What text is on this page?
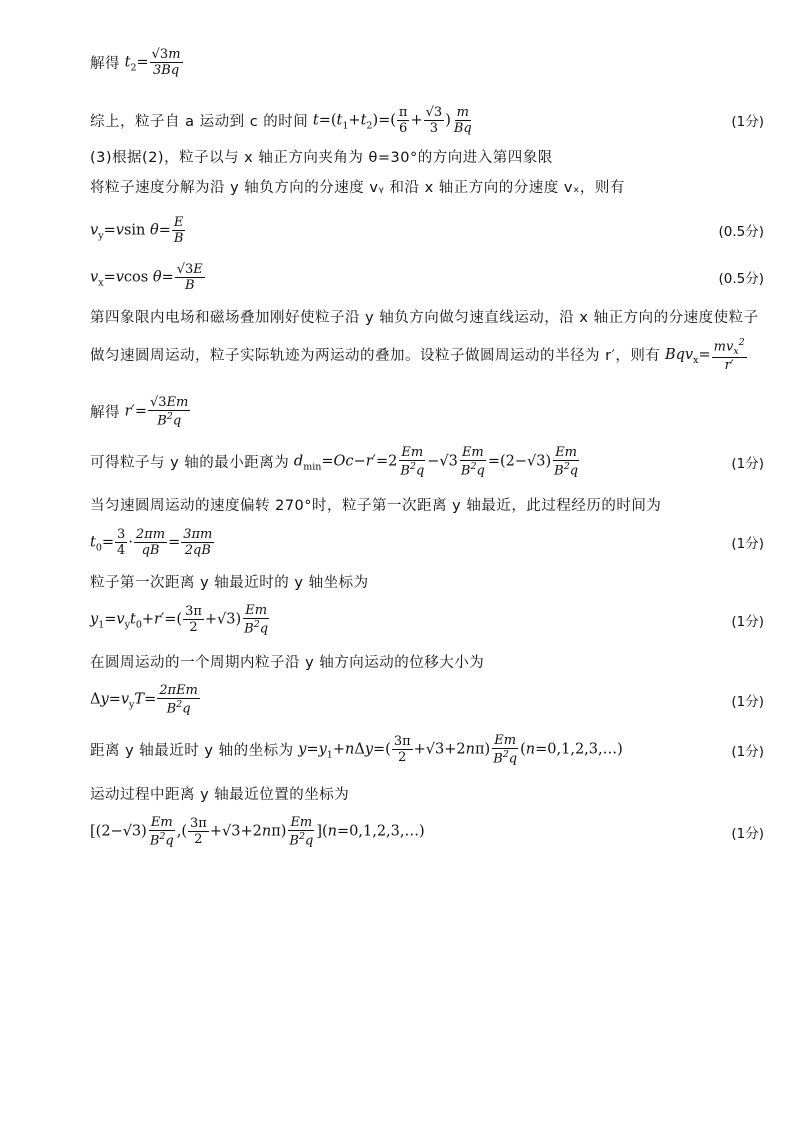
解得
$t_2= \frac{√3m}{3Bq}$
综上，粒子自 a 运动到 c 的时间
$t=(t_1+t_2)=( \frac{\pi}{6} + \frac{√3}{3}$ ) $\frac{m}{Bq}$	(1分)
(3)根据(2)，粒子以与 x 轴正方向夹角为 θ=30°的方向进入第四象限
将粒子速度分解为沿 y 轴负方向的分速度 vᵧ 和沿 x 轴正方向的分速度 vₓ，则有
$v_y=vsin$ $\theta= \frac{E}{B}$	(0.5分)
$v_x=vcos$ $\theta= \frac{√3E}{B}$	(0.5分)
第四象限内电场和磁场叠加刚好使粒子沿 y 轴负方向做匀速直线运动，沿 x 轴正方向的分速度使粒子
做匀速圆周运动，粒子实际轨迹为两运动的叠加。设粒子做圆周运动的半径为 r′，则有
$Bqv_x= \frac{mv_x^2}{r'}$
解得
$r'= \frac{√3Em}{B^2q}$
可得粒子与 y 轴的最小距离为
$d_{min}=Oc-r'=2 \frac{Em}{B^2q} -√3 \frac{Em}{B^2q} =(2-√3) \frac{Em}{B^2q}$	(1分)
当匀速圆周运动的速度偏转 270°时，粒子第一次距离 y 轴最近，此过程经历的时间为
$t_0= \frac{3}{4} \cdot \frac{2\pi m}{qB} = \frac{3\pi m}{2qB}$	(1分)
粒子第一次距离 y 轴最近时的 y 轴坐标为
$y_1=v_yt_0+r'=( \frac{3\pi}{2} +√3) \frac{Em}{B^2q}$	(1分)
在圆周运动的一个周期内粒子沿 y 轴方向运动的位移大小为
$\Delta y=v_yT= \frac{\text{2πEm}}{B^2q}$	(1分)
距离 y 轴最近时 y 轴的坐标为
$y=y_1+n\Delta y=( \frac{3\pi}{2} +√3+2n\pi) \frac{Em}{B^2q}$ (n=0,1,2,3,…)	(1分)
运动过程中距离 y 轴最近位置的坐标为
[$(2-√3) \frac{Em}{B^2q}$ ,( $\frac{3\pi}{2} +√3+2n\pi) \frac{Em}{B^2q}$ ](n=0,1,2,3,…)	(1分)
